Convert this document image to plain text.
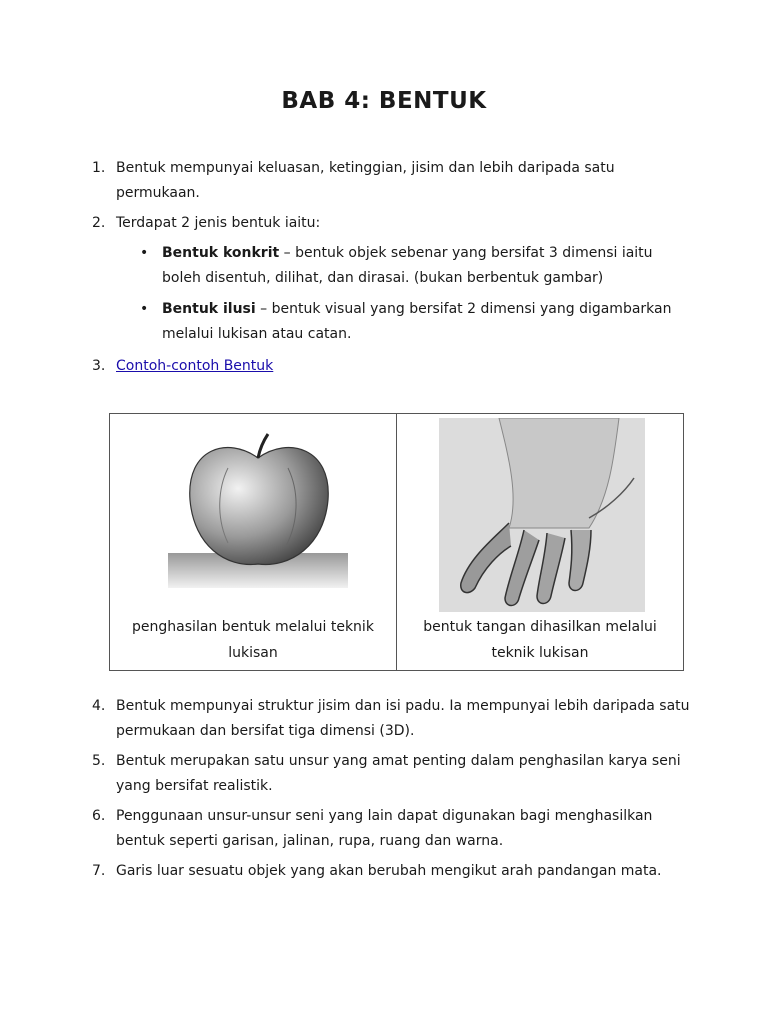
BAB 4: BENTUK
1. Bentuk mempunyai keluasan, ketinggian, jisim dan lebih daripada satu permukaan.
2. Terdapat 2 jenis bentuk iaitu:
• Bentuk konkrit – bentuk objek sebenar yang bersifat 3 dimensi iaitu boleh disentuh, dilihat, dan dirasai. (bukan berbentuk gambar)
• Bentuk ilusi – bentuk visual yang bersifat 2 dimensi yang digambarkan melalui lukisan atau catan.
3. Contoh-contoh Bentuk
penghasilan bentuk melalui teknik lukisan

bentuk tangan dihasilkan melalui teknik lukisan
4. Bentuk mempunyai struktur jisim dan isi padu. Ia mempunyai lebih daripada satu permukaan dan bersifat tiga dimensi (3D).
5. Bentuk merupakan satu unsur yang amat penting dalam penghasilan karya seni yang bersifat realistik.
6. Penggunaan unsur-unsur seni yang lain dapat digunakan bagi menghasilkan bentuk seperti garisan, jalinan, rupa, ruang dan warna.
7. Garis luar sesuatu objek yang akan berubah mengikut arah pandangan mata.
